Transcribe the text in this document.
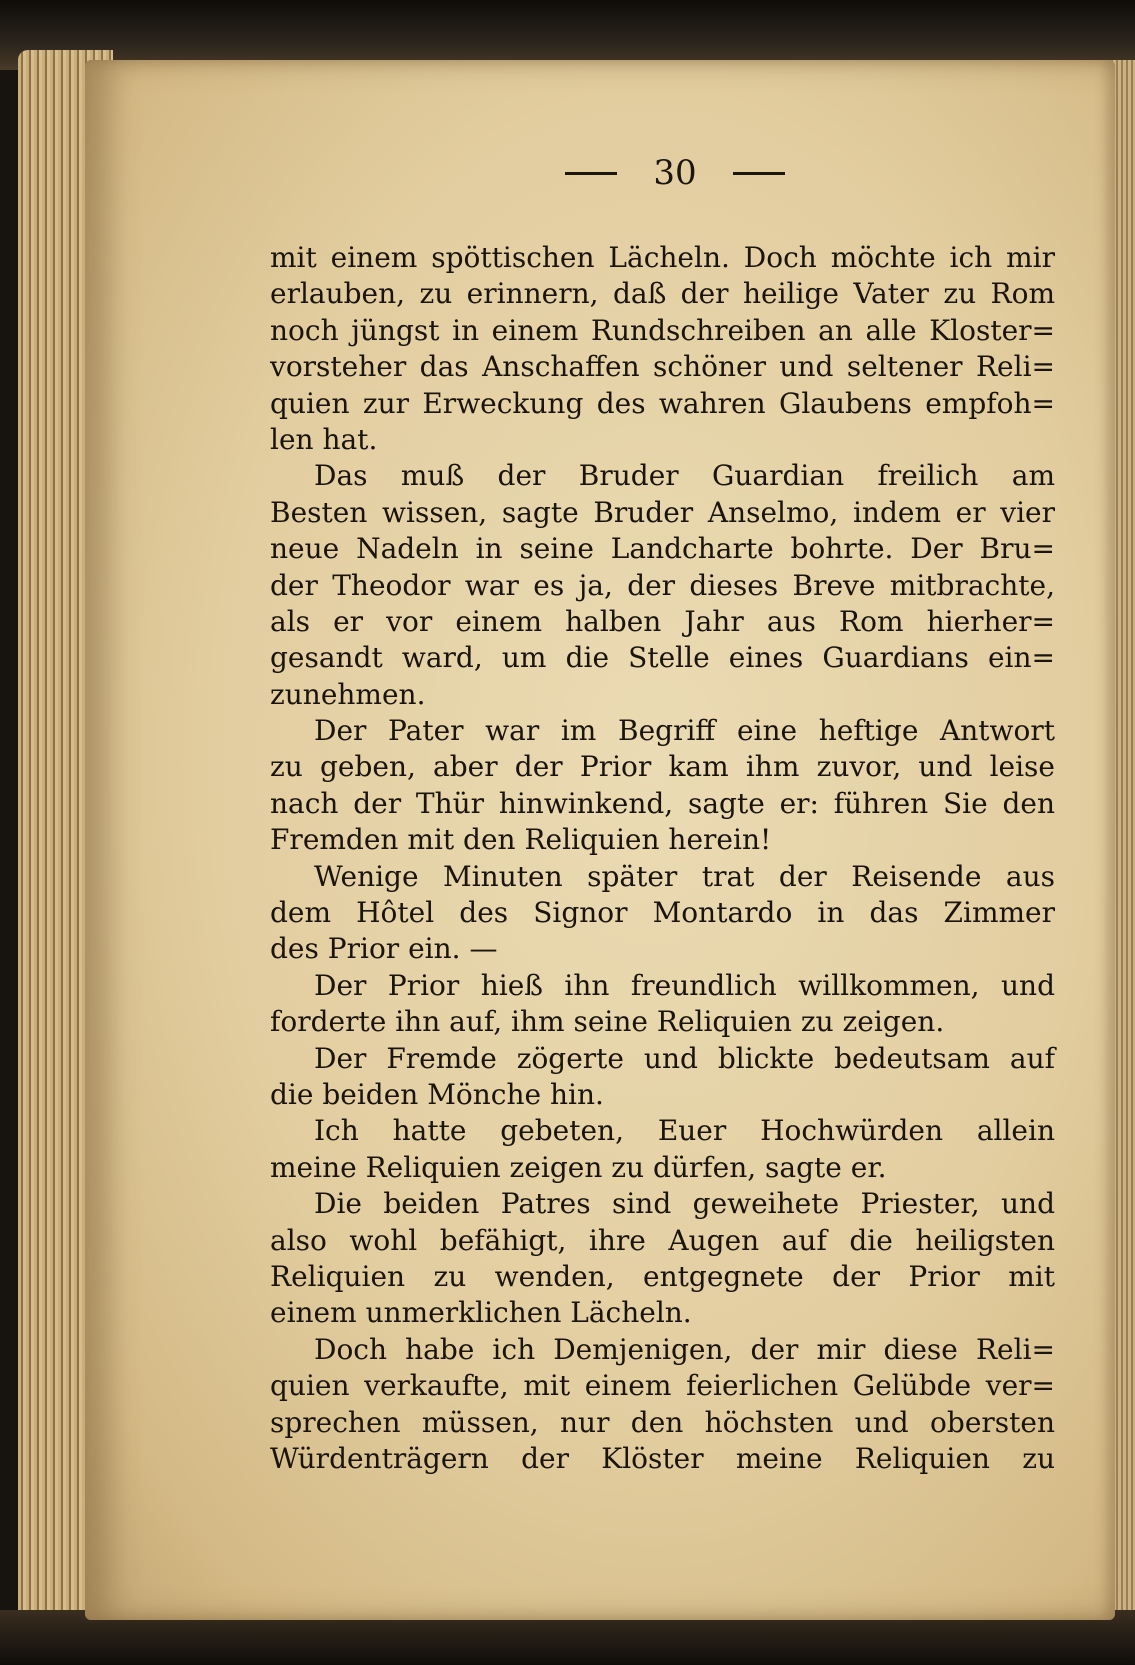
30

mit einem spöttischen Lächeln. Doch möchte ich mir
erlauben, zu erinnern, daß der heilige Vater zu Rom
noch jüngst in einem Rundschreiben an alle Kloster=
vorsteher das Anschaffen schöner und seltener Reli=
quien zur Erweckung des wahren Glaubens empfoh=
len hat.

Das muß der Bruder Guardian freilich am
Besten wissen, sagte Bruder Anselmo, indem er vier
neue Nadeln in seine Landcharte bohrte. Der Bru=
der Theodor war es ja, der dieses Breve mitbrachte,
als er vor einem halben Jahr aus Rom hierher=
gesandt ward, um die Stelle eines Guardians ein=
zunehmen.

Der Pater war im Begriff eine heftige Antwort
zu geben, aber der Prior kam ihm zuvor, und leise
nach der Thür hinwinkend, sagte er: führen Sie den
Fremden mit den Reliquien herein!

Wenige Minuten später trat der Reisende aus
dem Hôtel des Signor Montardo in das Zimmer
des Prior ein. —

Der Prior hieß ihn freundlich willkommen, und
forderte ihn auf, ihm seine Reliquien zu zeigen.

Der Fremde zögerte und blickte bedeutsam auf
die beiden Mönche hin.

Ich hatte gebeten, Euer Hochwürden allein
meine Reliquien zeigen zu dürfen, sagte er.

Die beiden Patres sind geweihete Priester, und
also wohl befähigt, ihre Augen auf die heiligsten
Reliquien zu wenden, entgegnete der Prior mit
einem unmerklichen Lächeln.

Doch habe ich Demjenigen, der mir diese Reli=
quien verkaufte, mit einem feierlichen Gelübde ver=
sprechen müssen, nur den höchsten und obersten
Würdenträgern der Klöster meine Reliquien zu
